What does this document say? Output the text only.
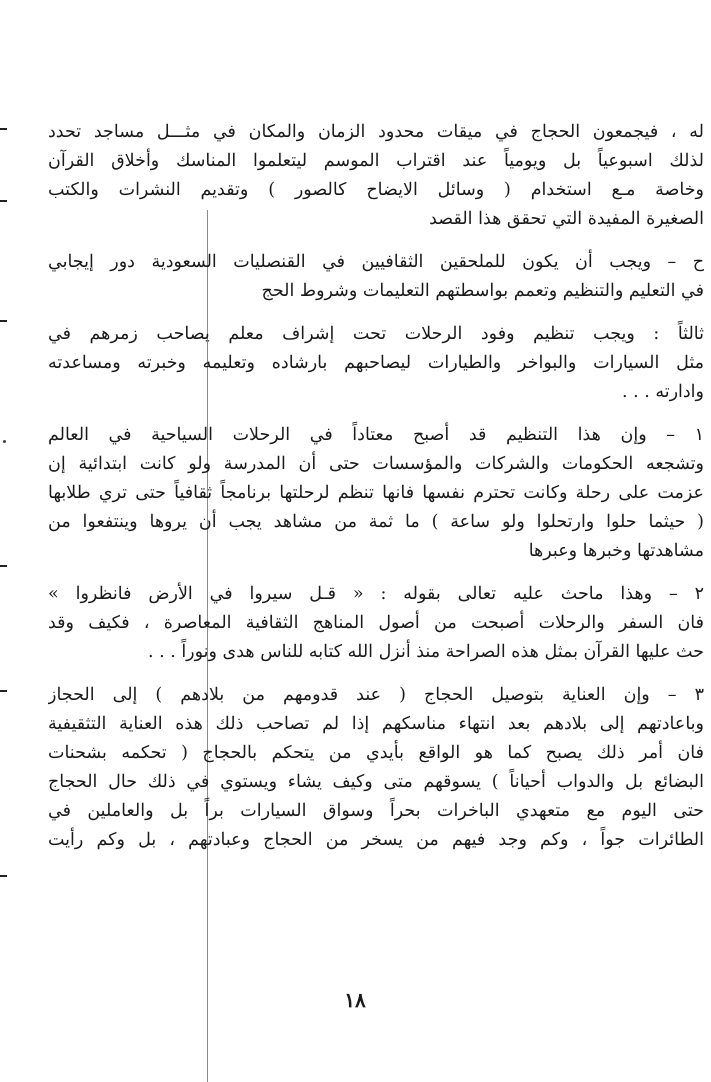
له ، فيجمعون الحجاج في ميقات محدود الزمان والمكان في مثـــل مساجد تحدد
لذلك اسبوعياً بل ويومياً عند اقتراب الموسم ليتعلموا المناسك وأخلاق القرآن
وخاصة مـع استخدام ( وسائل الايضاح كالصور ) وتقديم النشرات والكتب
الصغيرة المفيدة التي تحقق هذا القصد
ح – ويجب أن يكون للملحقين الثقافيين في القنصليات السعودية دور إيجابي
في التعليم والتنظيم وتعمم بواسطتهم التعليمات وشروط الحج
ثالثاً : ويجب تنظيم وفود الرحلات تحت إشراف معلم يصاحب زمرهم في
مثل السيارات والبواخر والطيارات ليصاحبهم بارشاده وتعليمه وخبرته ومساعدته
وادارته . . .
١ – وإن هذا التنظيم قد أصبح معتاداً في الرحلات السياحية في العالم
وتشجعه الحكومات والشركات والمؤسسات حتى أن المدرسة ولو كانت ابتدائية إن
عزمت على رحلة وكانت تحترم نفسها فانها تنظم لرحلتها برنامجاً ثقافياً حتى تري طلابها
( حيثما حلوا وارتحلوا ولو ساعة ) ما ثمة من مشاهد يجب أن يروها وينتفعوا من
مشاهدتها وخبرها وعبرها
٢ – وهذا ماحث عليه تعالى بقوله : « قـل سيروا في الأرض فانظروا »
فان السفر والرحلات أصبحت من أصول المناهج الثقافية المعاصرة ، فكيف وقد
حث عليها القرآن بمثل هذه الصراحة منذ أنزل الله كتابه للناس هدى ونوراً . . .
٣ – وإن العناية بتوصيل الحجاج ( عند قدومهم من بلادهم ) إلى الحجاز
وباعادتهم إلى بلادهم بعد انتهاء مناسكهم إذا لم تصاحب ذلك هذه العناية التثقيفية
فان أمر ذلك يصبح كما هو الواقع بأيدي من يتحكم بالحجاج ( تحكمه بشحنات
البضائع بل والدواب أحياناً ) يسوقهم متى وكيف يشاء ويستوي في ذلك حال الحجاج
حتى اليوم مع متعهدي الباخرات بحراً وسواق السيارات براً بل والعاملين في
الطائرات جواً ، وكم وجد فيهم من يسخر من الحجاج وعبادتهم ، بل وكم رأيت
١٨
